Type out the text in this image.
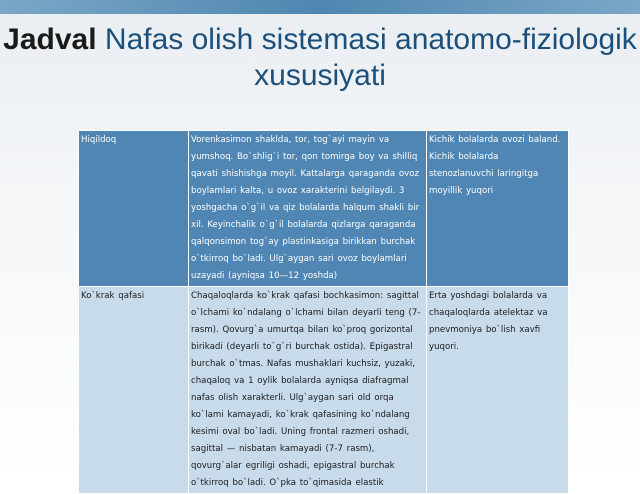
Jadval Nafas olish sistemasi anatomo-fiziologik xususiyati
Hiqildoq	Vorenkasimon shaklda, tor, tog`ayi mayin va yumshoq. Bo`shlig`i tor, qon tomirga boy va shilliq qavati shishishga moyil. Kattalarga qaraganda ovoz boylamlari kalta, u ovoz xarakterini belgilaydi. 3 yoshgacha o`g`il va qiz bolalarda halqum shakli bir xil. Keyinchalik o`g`il bolalarda qizlarga qaraganda qalqonsimon tog`ay plastinkasiga birikkan burchak o`tkirroq bo`ladi. Ulg`aygan sari ovoz boylamlari uzayadi (ayniqsa 10—12 yoshda)	Kichik bolalarda ovozi baland. Kichik bolalarda stenozlanuvchi laringitga moyillik yuqori
Ko`krak qafasi	Chaqaloqlarda ko`krak qafasi bochkasimon: sagittal o`lchami ko`ndalang o`lchami bilan deyarli teng (7-rasm). Qovurg`a umurtqa bilan ko`proq gorizontal birikadi (deyarli to`g`ri burchak ostida). Epigastral burchak o`tmas. Nafas mushaklari kuchsiz, yuzaki, chaqaloq va 1 oylik bolalarda ayniqsa diafragmal nafas olish xarakterli. Ulg`aygan sari old orqa ko`lami kamayadi, ko`krak qafasining ko`ndalang kesimi oval bo`ladi. Uning frontal razmeri oshadi, sagittal — nisbatan kamayadi (7-7 rasm), qovurg`alar egriligi oshadi, epigastral burchak o`tkirroq bo`ladi. O`pka to`qimasida elastik	Erta yoshdagi bolalarda va chaqaloqlarda atelektaz va pnevmoniya bo`lish xavfi yuqori.
